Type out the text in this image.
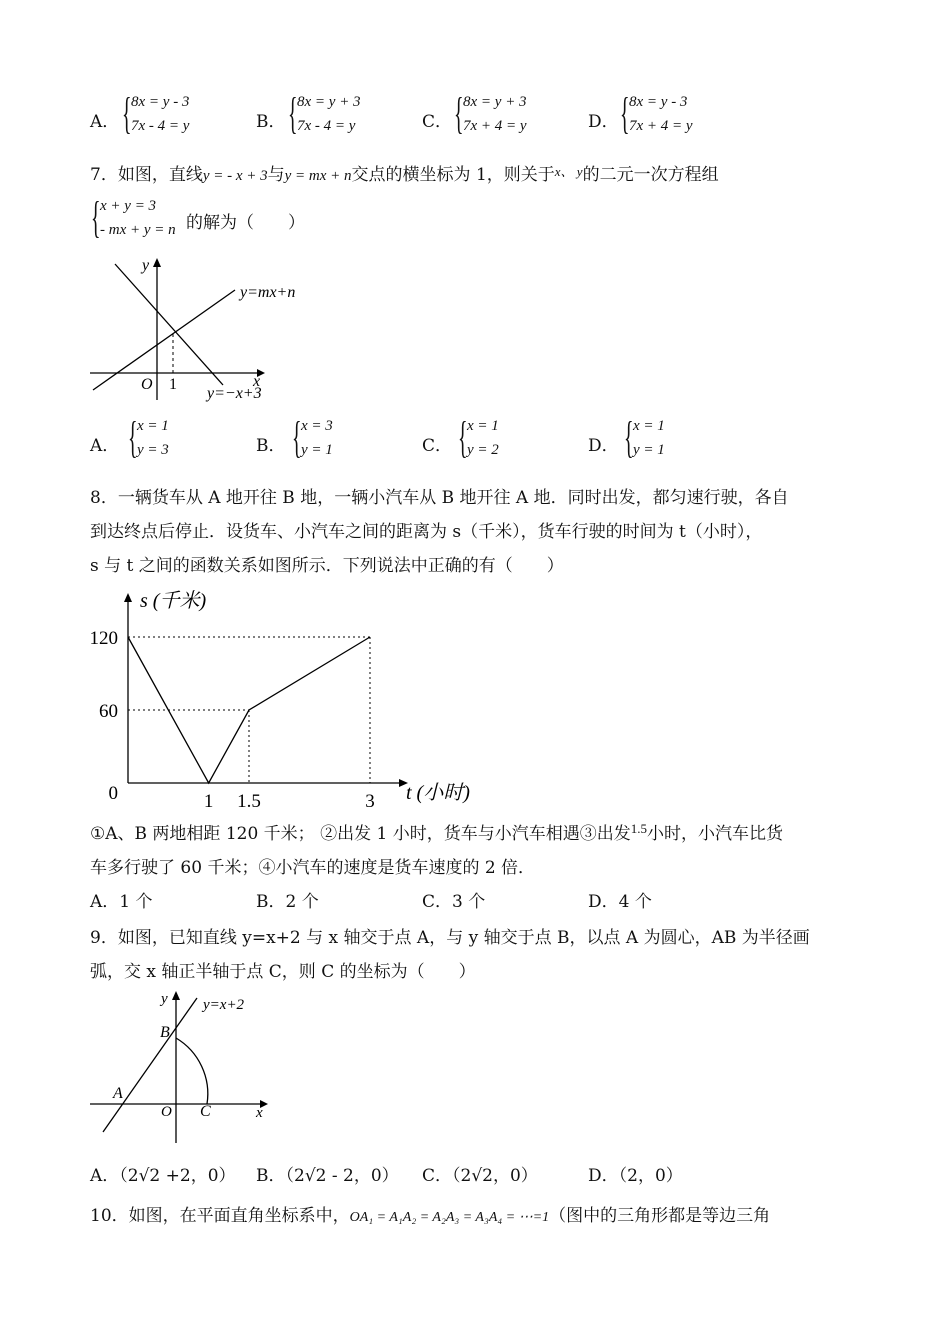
A． { 8x = y - 3
7x - 4 = y	B． { 8x = y + 3
7x - 4 = y	C． { 8x = y + 3
7x + 4 = y	D． { 8x = y - 3
7x + 4 = y
7．如图，直线y = - x + 3与y = mx + n交点的横坐标为 1，则关于$^{x、 y}$的二元一次方程组
{ x + y = 3
- mx + y = n 的解为（　　）
y
x
O 1
y=mx+n
y=−x+3
A． { x = 1
y = 3	B． { x = 3
y = 1	C． { x = 1
y = 2	D． { x = 1
y = 1
8．一辆货车从 A 地开往 B 地，一辆小汽车从 B 地开往 A 地．同时出发，都匀速行驶，各自
到达终点后停止．设货车、小汽车之间的距离为 s（千米），货车行驶的时间为 t（小时），
s 与 t 之间的函数关系如图所示．下列说法中正确的有（　　）
0
60
120
1 1.5	3
s (千米)
t (小时)
①A、B 两地相距 120 千米； ②出发 1 小时，货车与小汽车相遇③出发$^{1.5}$小时，小汽车比货
车多行驶了 60 千米；④小汽车的速度是货车速度的 2 倍．
A．1 个	B．2 个	C．3 个	D．4 个
9．如图，已知直线 y=x+2 与 x 轴交于点 A，与 y 轴交于点 B，以点 A 为圆心，AB 为半径画
弧，交 x 轴正半轴于点 C，则 C 的坐标为（　　）
y
x
O
y=x+2
A
B
C
A．（2√2 +2，0） B．（2√2 - 2，0） C．（2√2，0）	D．（2，0）
10．如图，在平面直角坐标系中，OA₁ = A₁A₂ = A₂A₃ = A₃A₄ = ⋯=1（图中的三角形都是等边三角
